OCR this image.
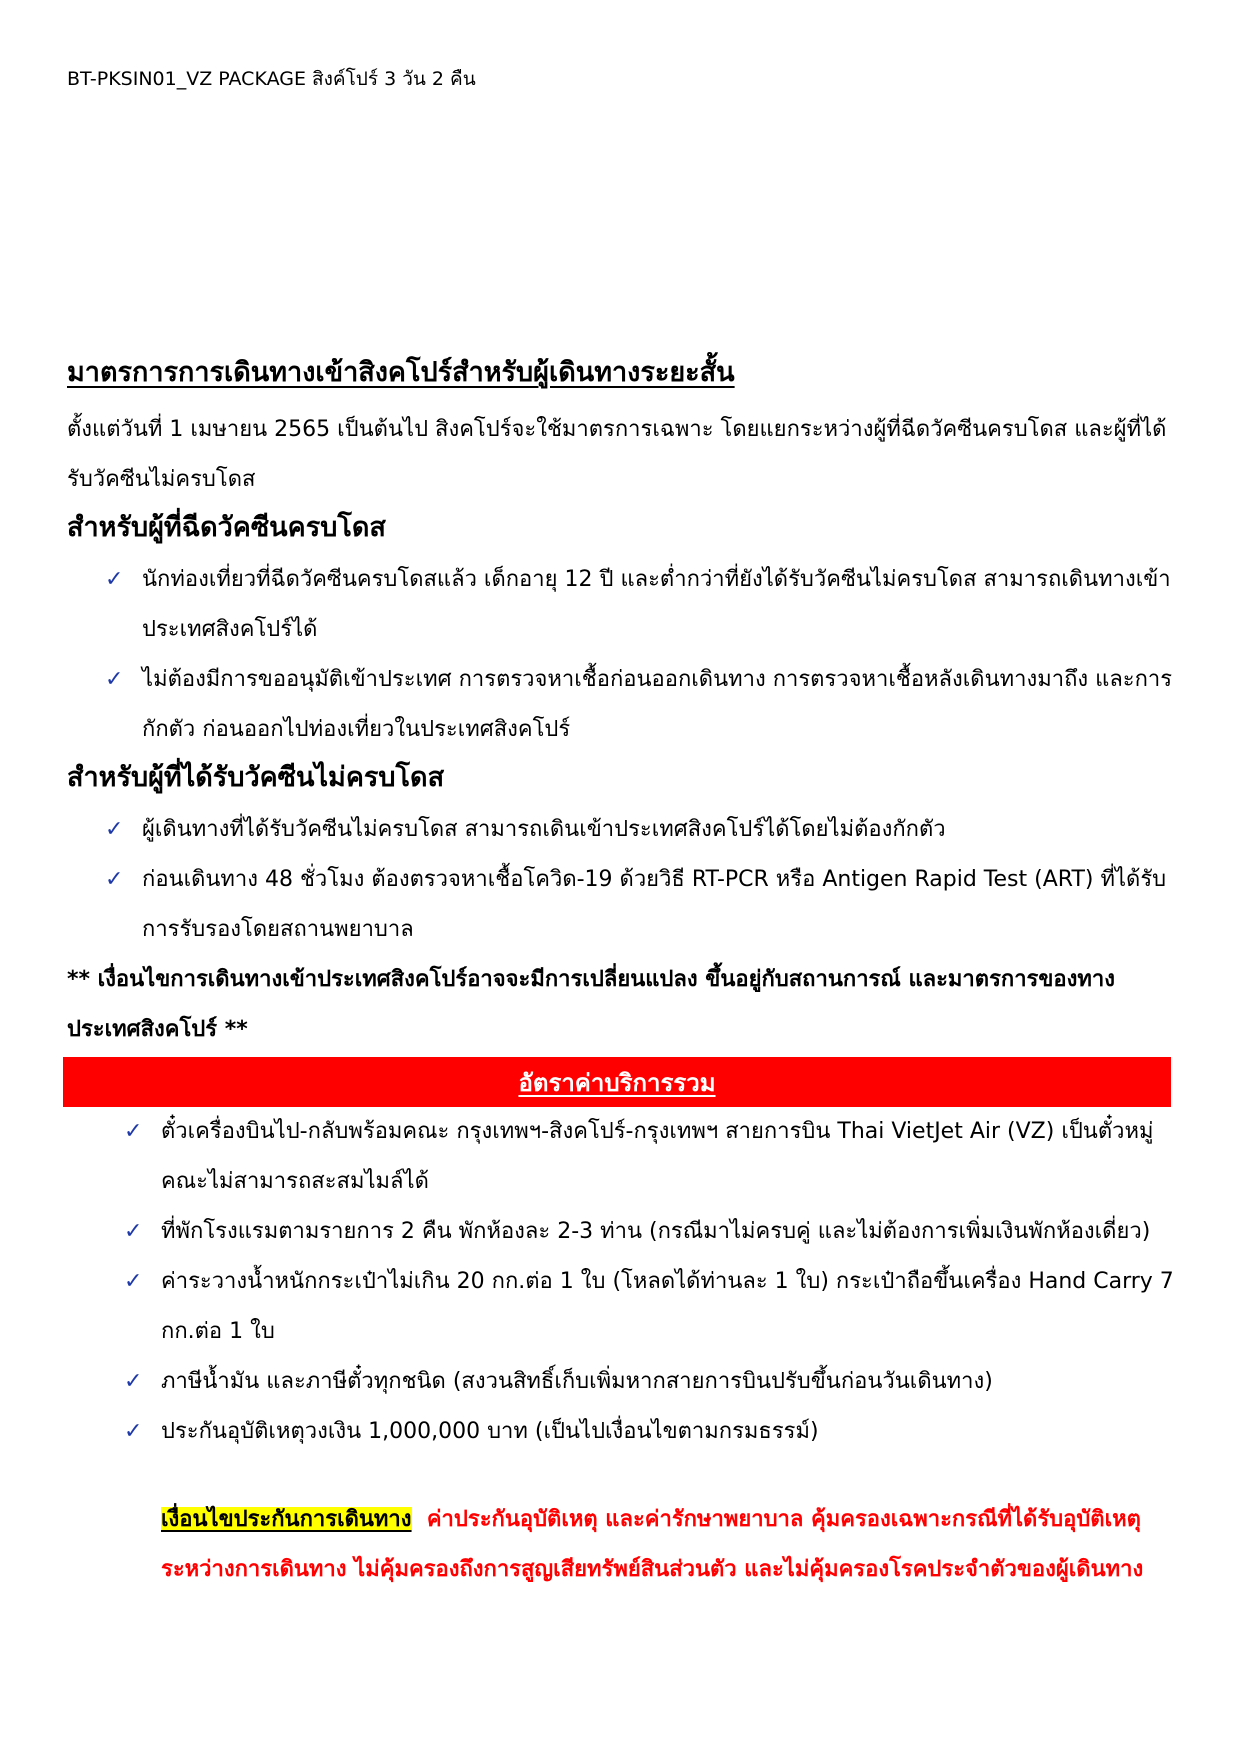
BT-PKSIN01_VZ PACKAGE สิงค์โปร์ 3 วัน 2 คืน
มาตรการการเดินทางเข้าสิงคโปร์สำหรับผู้เดินทางระยะสั้น
ตั้งแต่วันที่ 1 เมษายน 2565 เป็นต้นไป สิงคโปร์จะใช้มาตรการเฉพาะ โดยแยกระหว่างผู้ที่ฉีดวัคซีนครบโดส และผู้ที่ได้รับวัคซีนไม่ครบโดส
สำหรับผู้ที่ฉีดวัคซีนครบโดส
✓ นักท่องเที่ยวที่ฉีดวัคซีนครบโดสแล้ว เด็กอายุ 12 ปี และต่ำกว่าที่ยังได้รับวัคซีนไม่ครบโดส สามารถเดินทางเข้าประเทศสิงคโปร์ได้
✓ ไม่ต้องมีการขออนุมัติเข้าประเทศ การตรวจหาเชื้อก่อนออกเดินทาง การตรวจหาเชื้อหลังเดินทางมาถึง และการกักตัว ก่อนออกไปท่องเที่ยวในประเทศสิงคโปร์
สำหรับผู้ที่ได้รับวัคซีนไม่ครบโดส
✓ ผู้เดินทางที่ได้รับวัคซีนไม่ครบโดส สามารถเดินเข้าประเทศสิงคโปร์ได้โดยไม่ต้องกักตัว
✓ ก่อนเดินทาง 48 ชั่วโมง ต้องตรวจหาเชื้อโควิด-19 ด้วยวิธี RT-PCR หรือ Antigen Rapid Test (ART) ที่ได้รับการรับรองโดยสถานพยาบาล
** เงื่อนไขการเดินทางเข้าประเทศสิงคโปร์อาจจะมีการเปลี่ยนแปลง ขึ้นอยู่กับสถานการณ์ และมาตรการของทางประเทศสิงคโปร์ **
อัตราค่าบริการรวม
✓ ตั๋วเครื่องบินไป-กลับพร้อมคณะ กรุงเทพฯ-สิงคโปร์-กรุงเทพฯ สายการบิน Thai VietJet Air (VZ) เป็นตั๋วหมู่คณะไม่สามารถสะสมไมล์ได้
✓ ที่พักโรงแรมตามรายการ 2 คืน พักห้องละ 2-3 ท่าน (กรณีมาไม่ครบคู่ และไม่ต้องการเพิ่มเงินพักห้องเดี่ยว)
✓ ค่าระวางน้ำหนักกระเป๋าไม่เกิน 20 กก.ต่อ 1 ใบ (โหลดได้ท่านละ 1 ใบ) กระเป๋าถือขึ้นเครื่อง Hand Carry 7 กก.ต่อ 1 ใบ
✓ ภาษีน้ำมัน และภาษีตั๋วทุกชนิด (สงวนสิทธิ์เก็บเพิ่มหากสายการบินปรับขึ้นก่อนวันเดินทาง)
✓ ประกันอุบัติเหตุวงเงิน 1,000,000 บาท (เป็นไปเงื่อนไขตามกรมธรรม์)
เงื่อนไขประกันการเดินทาง ค่าประกันอุบัติเหตุ และค่ารักษาพยาบาล คุ้มครองเฉพาะกรณีที่ได้รับอุบัติเหตุระหว่างการเดินทาง ไม่คุ้มครองถึงการสูญเสียทรัพย์สินส่วนตัว และไม่คุ้มครองโรคประจำตัวของผู้เดินทาง
